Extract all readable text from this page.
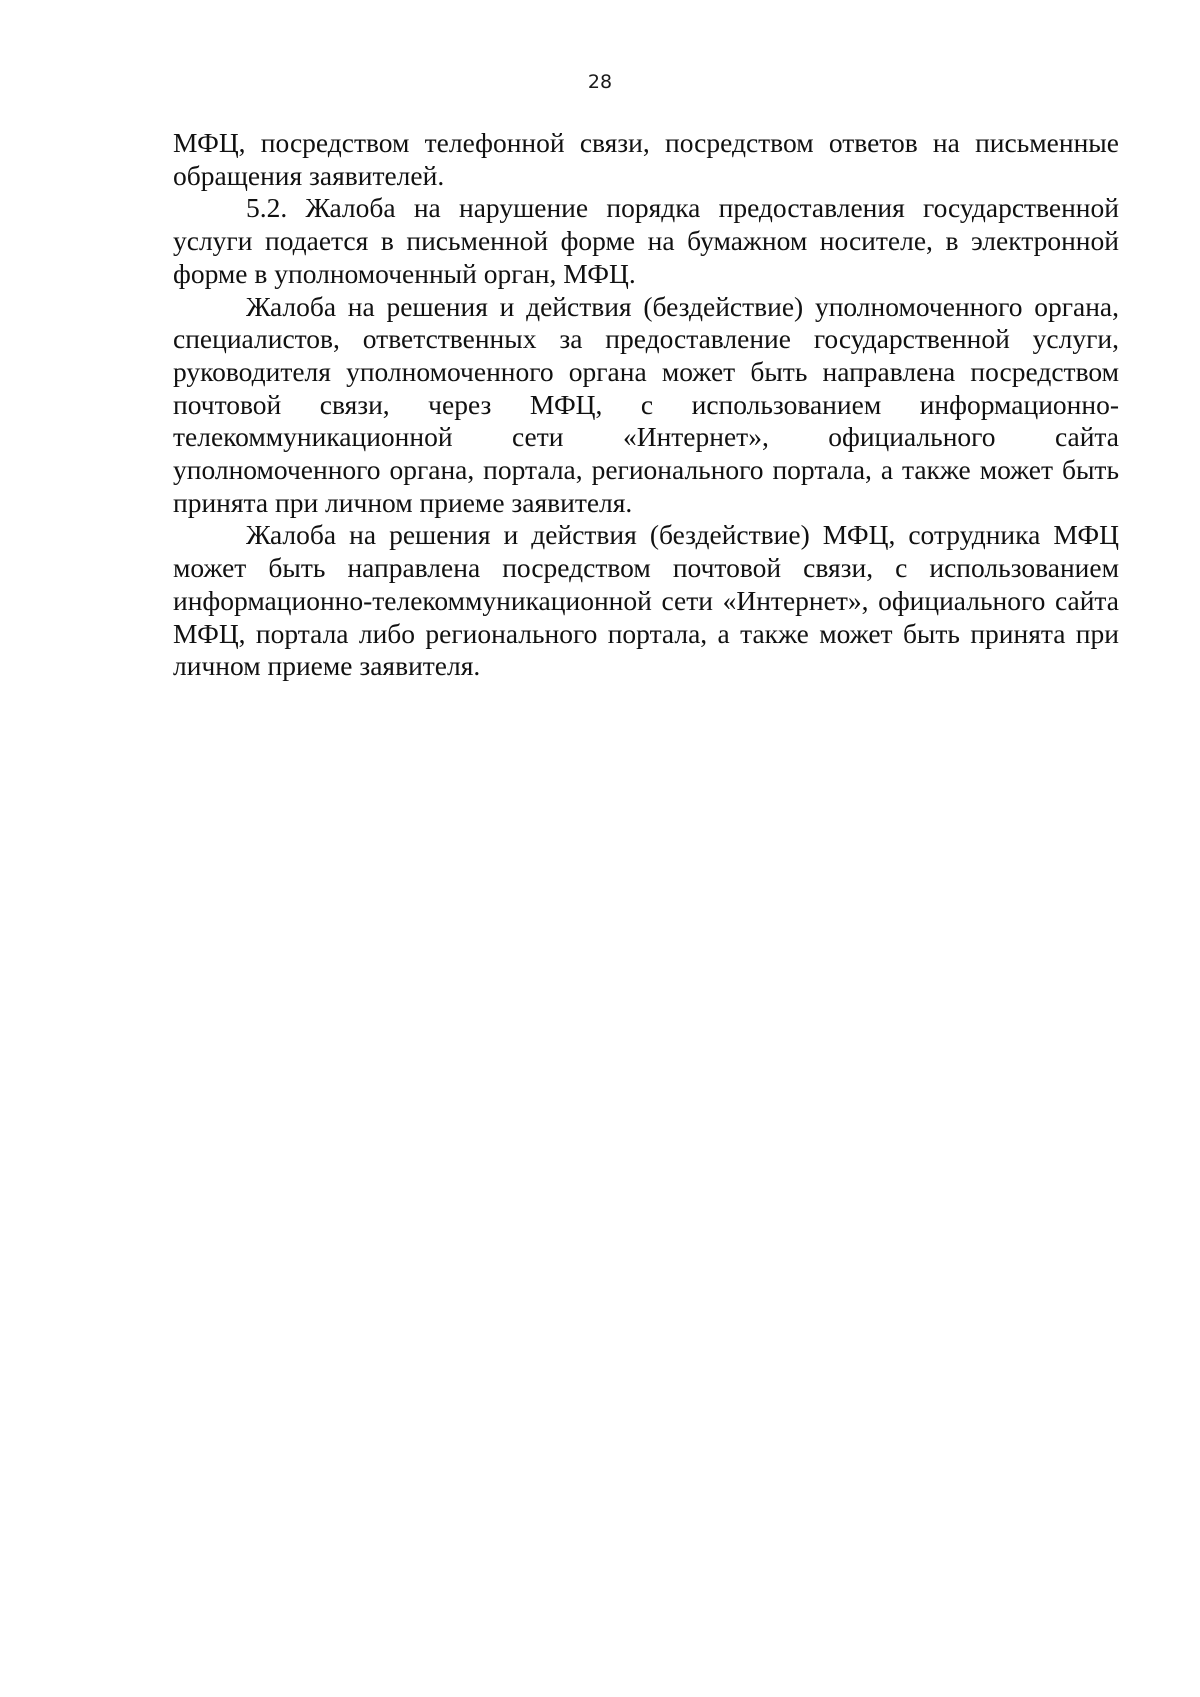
28

МФЦ, посредством телефонной связи, посредством ответов на письменные обращения заявителей.

5.2. Жалоба на нарушение порядка предоставления государственной услуги подается в письменной форме на бумажном носителе, в электронной форме в уполномоченный орган, МФЦ.

Жалоба на решения и действия (бездействие) уполномоченного органа, специалистов, ответственных за предоставление государственной услуги, руководителя уполномоченного органа может быть направлена посредством почтовой связи, через МФЦ, с использованием информационно-телекоммуникационной сети «Интернет», официального сайта уполномоченного органа, портала, регионального портала, а также может быть принята при личном приеме заявителя.

Жалоба на решения и действия (бездействие) МФЦ, сотрудника МФЦ может быть направлена посредством почтовой связи, с использованием информационно-телекоммуникационной сети «Интернет», официального сайта МФЦ, портала либо регионального портала, а также может быть принята при личном приеме заявителя.
